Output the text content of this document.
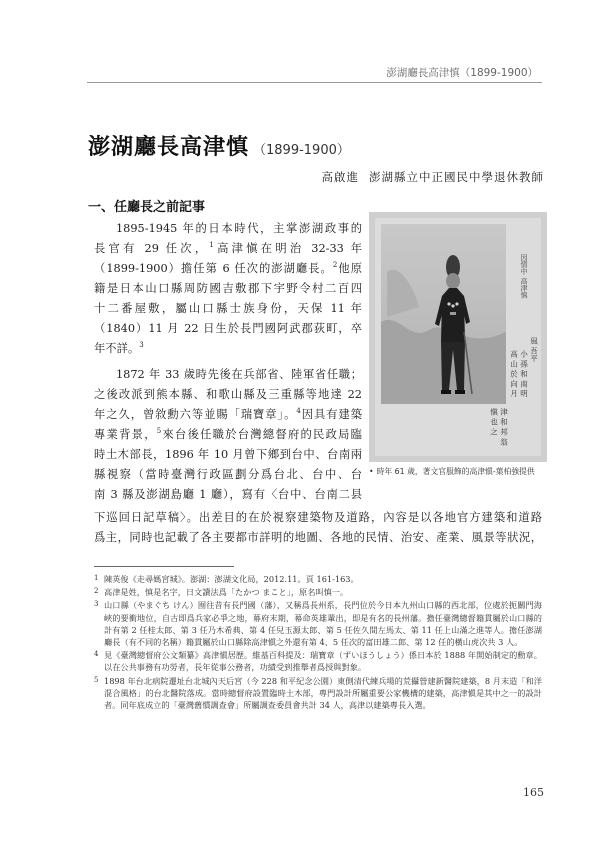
澎湖廳長高津慎（1899-1900）
澎湖廳長高津慎 （1899-1900）
高啟進 澎湖縣立中正國民中學退休教師
一、任廳長之前記事

1895-1945 年的日本時代，主掌澎湖政事的

長官有 29 任次，$^1$高津愼在明治 32-33 年

（1899-1900）擔任第 6 任次的澎湖廳長。$^2$他原

籍是日本山口縣周防國吉敷郡下宇野令村二百四

十二番屋敷，屬山口縣士族身份，天保 11 年

（1840）11 月 22 日生於長門國阿武郡荻町，卒

年不詳。$^3$

1872 年 33 歲時先後在兵部省、陸軍省任職；

之後改派到熊本縣、和歌山縣及三重縣等地達 22

年之久，曾敘勳六等並賜「瑞寶章」。$^4$因具有建築

專業背景，$^5$來台後任職於台灣總督府的民政局臨

時土木部長，1896 年 10 月曾下鄉到台中、台南兩

縣視察（當時臺灣行政區劃分爲台北、台中、台

南 3 縣及澎湖島廳 1 廳），寫有〈台中、台南二县

下巡回日記草稿〉。出差目的在於視察建築物及道路，內容是以各地官方建築和道路

爲主，同時也記載了各主要都市詳明的地圖、各地的民情、治安、產業、風景等狀況，

因情中 高津慎
風 吾平
小 孫 和 南 明
高 山 於 向 月
津 和 邦 翁
愼 也 之
• 時年 61 歲，著文官服飾的高津愼-葉柏強提供
1 陳英俊《走尋媽宮城》。澎湖：澎湖文化局，2012.11。頁 161-163。
2 高津是姓，慎是名字，日文讀法爲「たかつ まこと」，原名叫慎一。
3 山口縣（やまぐち けん）囿往昔有長門國（藩），又稱爲長州系，長門位於今日本九州山口縣的西北部，位處於扼關門海峽的要衝地位，自古即爲兵家必爭之地，幕府末期，幕命英雄輩出，即是有名的長州藩。擔任臺灣總督籍貫屬於山口縣的計有第 2 任桂太郎、第 3 任乃木希典、第 4 任兒玉源太郎、第 5 任佐久間左馬太、第 11 任上山滿之進等人。擔任澎湖廳長（有不同的名稱）籍貫屬於山口縣除高津愼之外還有第 4、5 任次的富田雄二郎、第 12 任的橫山虎次共 3 人。
4 見《臺灣總督府公文類纂》高津愼居歷。維基百科提及：瑞寶章（ずいほうしょう）係日本於 1888 年開始制定的勳章。以在公共事務有功勞者，長年從事公務者，功績受到推舉者爲授與對象。
5 1898 年台北病院遷址台北城內天后宮（今 228 和平紀念公園）東側清代練兵場的荒攝營建新醫院建築，8 月末造「和洋混合風格」的台北醫院落成。當時總督府設置臨時土木部，專門設計所屬重要公家機構的建築，高津愼是其中之一的設計者。同年底成立的「臺灣舊慣調查會」所屬調查委員會共計 34 人，高津以建築專長入選。
165
